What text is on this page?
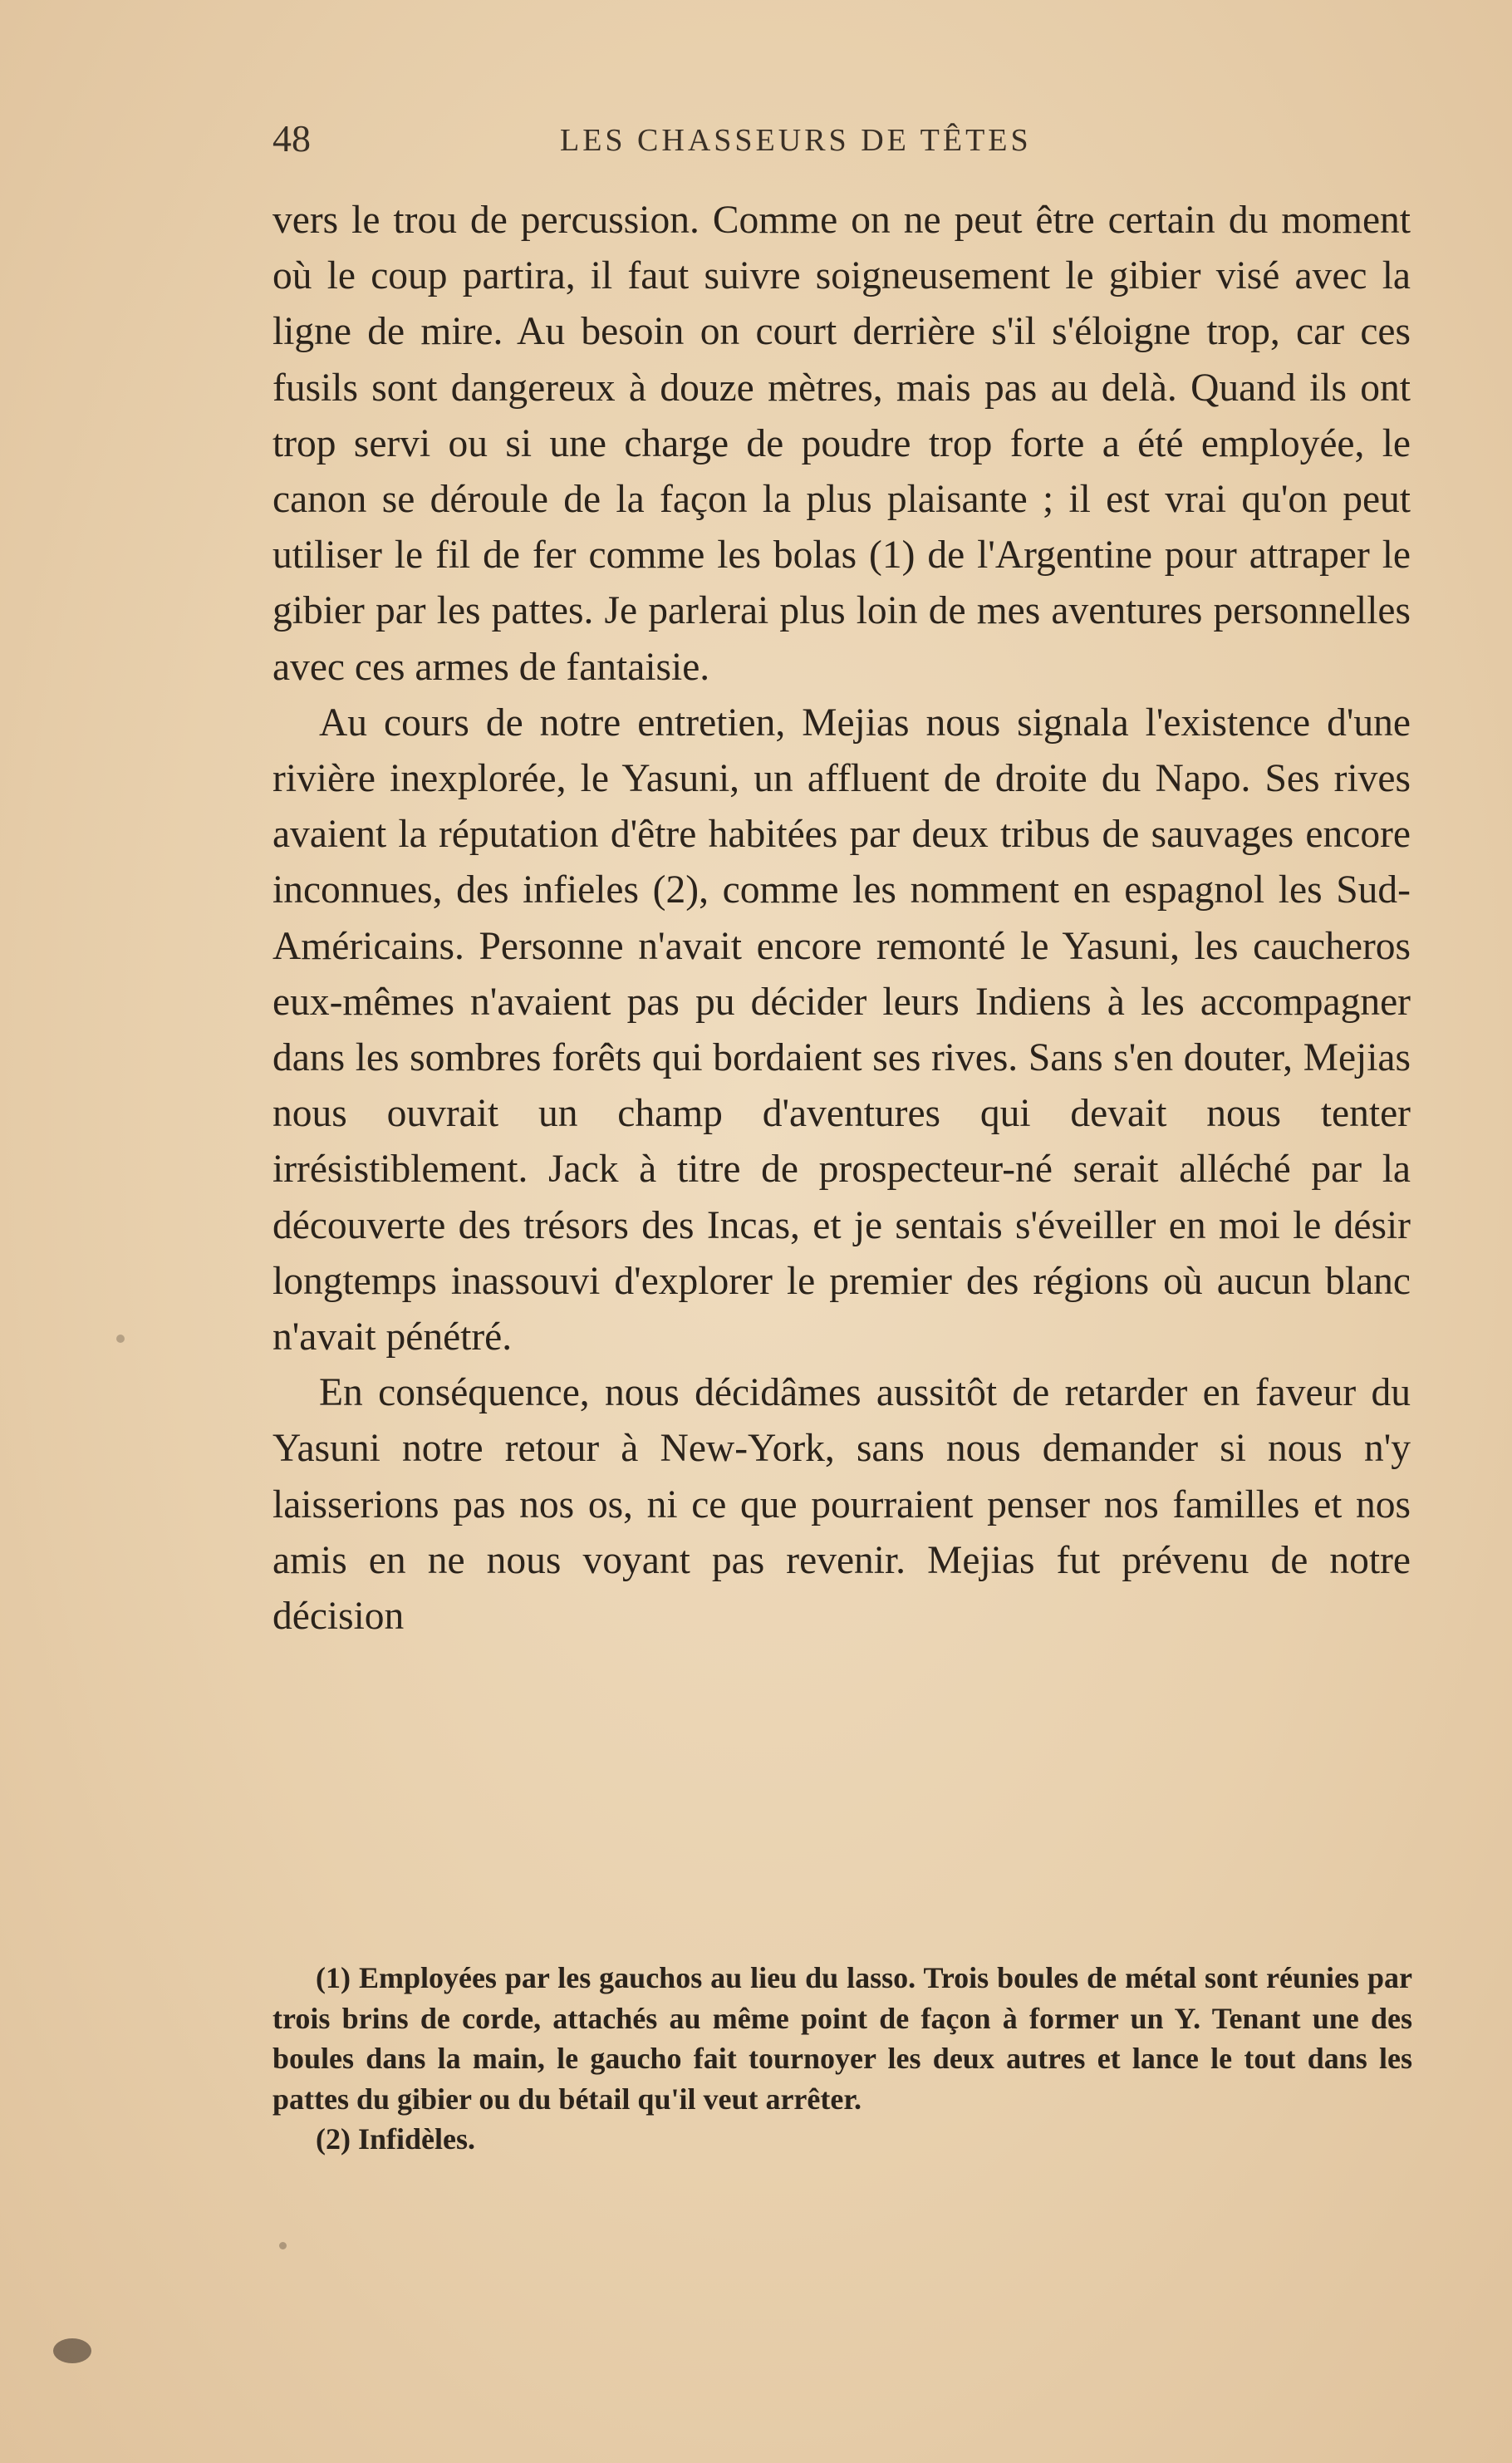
48	LES CHASSEURS DE TÊTES

vers le trou de percussion. Comme on ne peut être certain du moment où le coup partira, il faut suivre soigneusement le gibier visé avec la ligne de mire. Au besoin on court derrière s'il s'éloigne trop, car ces fusils sont dangereux à douze mètres, mais pas au delà. Quand ils ont trop servi ou si une charge de poudre trop forte a été employée, le canon se déroule de la façon la plus plaisante ; il est vrai qu'on peut utiliser le fil de fer comme les bolas (1) de l'Argentine pour attraper le gibier par les pattes. Je parlerai plus loin de mes aventures personnelles avec ces armes de fantaisie.

Au cours de notre entretien, Mejias nous signala l'existence d'une rivière inexplorée, le Yasuni, un affluent de droite du Napo. Ses rives avaient la réputation d'être habitées par deux tribus de sauvages encore inconnues, des infieles (2), comme les nomment en espagnol les Sud-Américains. Personne n'avait encore remonté le Yasuni, les caucheros eux-mêmes n'avaient pas pu décider leurs Indiens à les accompagner dans les sombres forêts qui bordaient ses rives. Sans s'en douter, Mejias nous ouvrait un champ d'aventures qui devait nous tenter irrésistiblement. Jack à titre de prospecteur-né serait alléché par la découverte des trésors des Incas, et je sentais s'éveiller en moi le désir longtemps inassouvi d'explorer le premier des régions où aucun blanc n'avait pénétré.

En conséquence, nous décidâmes aussitôt de retarder en faveur du Yasuni notre retour à New-York, sans nous demander si nous n'y laisserions pas nos os, ni ce que pourraient penser nos familles et nos amis en ne nous voyant pas revenir. Mejias fut prévenu de notre décision

(1) Employées par les gauchos au lieu du lasso. Trois boules de métal sont réunies par trois brins de corde, attachés au même point de façon à former un Y. Tenant une des boules dans la main, le gaucho fait tournoyer les deux autres et lance le tout dans les pattes du gibier ou du bétail qu'il veut arrêter.

(2) Infidèles.
